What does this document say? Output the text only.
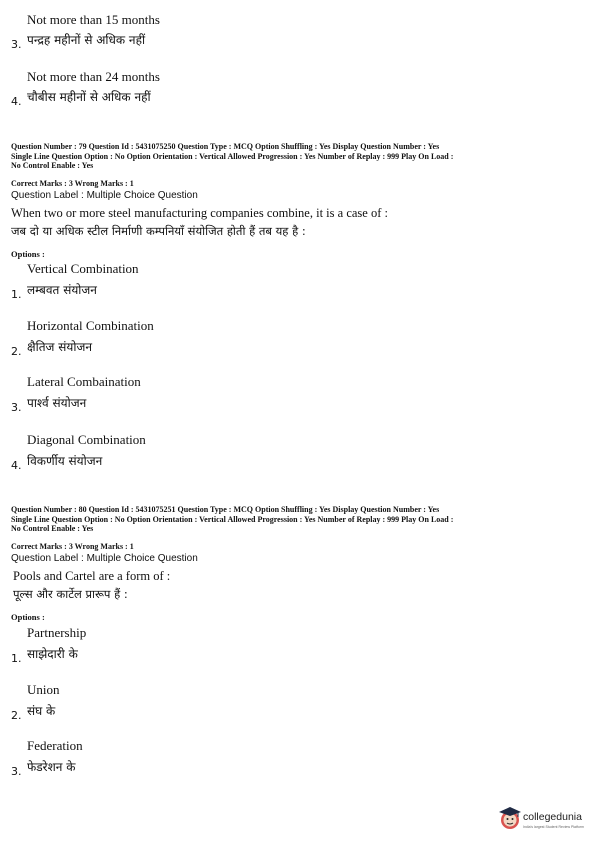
Not more than 15 months
3. पन्द्रह महीनों से अधिक नहीं
Not more than 24 months
4. चौबीस महीनों से अधिक नहीं
Question Number : 79 Question Id : 5431075250 Question Type : MCQ Option Shuffling : Yes Display Question Number : Yes
Single Line Question Option : No Option Orientation : Vertical Allowed Progression : Yes Number of Replay : 999 Play On Load :
No Control Enable : Yes
Correct Marks : 3 Wrong Marks : 1
Question Label : Multiple Choice Question
When two or more steel manufacturing companies combine, it is a case of :
जब दो या अधिक स्टील निर्माणी कम्पनियाँ संयोजित होती हैं तब यह है :
Options :
Vertical Combination
1. लम्बवत संयोजन
Horizontal Combination
2. क्षैतिज संयोजन
Lateral Combaination
3. पार्श्व संयोजन
Diagonal Combination
4. विकर्णीय संयोजन
Question Number : 80 Question Id : 5431075251 Question Type : MCQ Option Shuffling : Yes Display Question Number : Yes
Single Line Question Option : No Option Orientation : Vertical Allowed Progression : Yes Number of Replay : 999 Play On Load :
No Control Enable : Yes
Correct Marks : 3 Wrong Marks : 1
Question Label : Multiple Choice Question
Pools and Cartel are a form of :
पूल्स और कार्टेल प्रारूप हैं :
Options :
Partnership
1. साझेदारी के
Union
2. संघ के
Federation
3. फेडरेशन के
collegedunia
India's largest Student Review Platform
